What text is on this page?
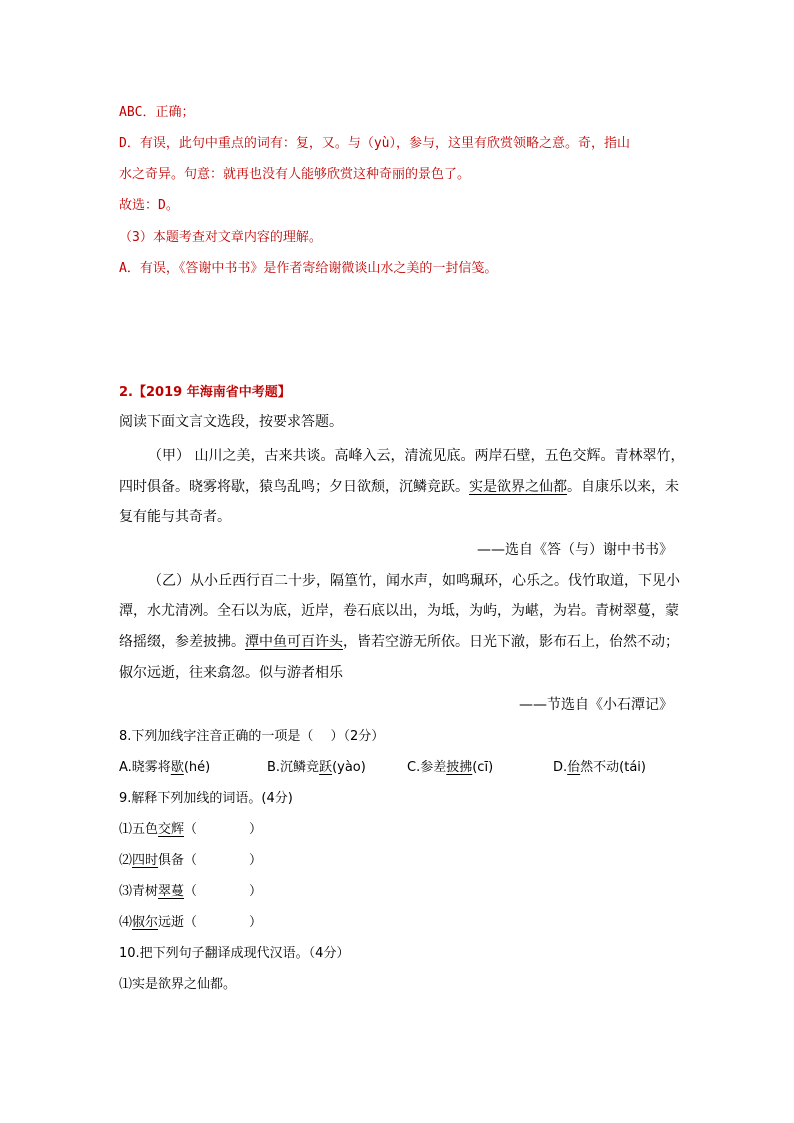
ABC．正确；
D．有误，此句中重点的词有：复，又。与（yù），参与，这里有欣赏领略之意。奇，指山
水之奇异。句意：就再也没有人能够欣赏这种奇丽的景色了。
故选：D。
（3）本题考查对文章内容的理解。
A．有误，《答谢中书书》是作者寄给谢微谈山水之美的一封信笺。
2.【2019 年海南省中考题】
阅读下面文言文选段，按要求答题。
（甲） 山川之美，古来共谈。高峰入云，清流见底。两岸石壁，五色交辉。青林翠竹，
四时俱备。晓雾将歇，猿鸟乱鸣；夕日欲颓，沉鳞竞跃。实是欲界之仙都。自康乐以来，未
复有能与其奇者。
——选自《答（与）谢中书书》
（乙）从小丘西行百二十步，隔篁竹，闻水声，如鸣珮环，心乐之。伐竹取道，下见小
潭，水尤清冽。全石以为底，近岸，卷石底以出，为坻，为屿，为嵁，为岩。青树翠蔓，蒙
络摇缀，参差披拂。潭中鱼可百许头，皆若空游无所依。日光下澈，影布石上，佁然不动；
俶尔远逝，往来翕忽。似与游者相乐
——节选自《小石潭记》
8.下列加线字注音正确的一项是（　 ）（2分）
A.晓雾将歇(hé)	B.沉鳞竞跃(yào)	C.参差披拂(cī)	D.佁然不动(tái)
9.解释下列加线的词语。(4分)
⑴五色交辉（　　　　）
⑵四时俱备（　　　　）
⑶青树翠蔓（　　　　）
⑷俶尔远逝（　　　　）
10.把下列句子翻译成现代汉语。（4分）
⑴实是欲界之仙都。
